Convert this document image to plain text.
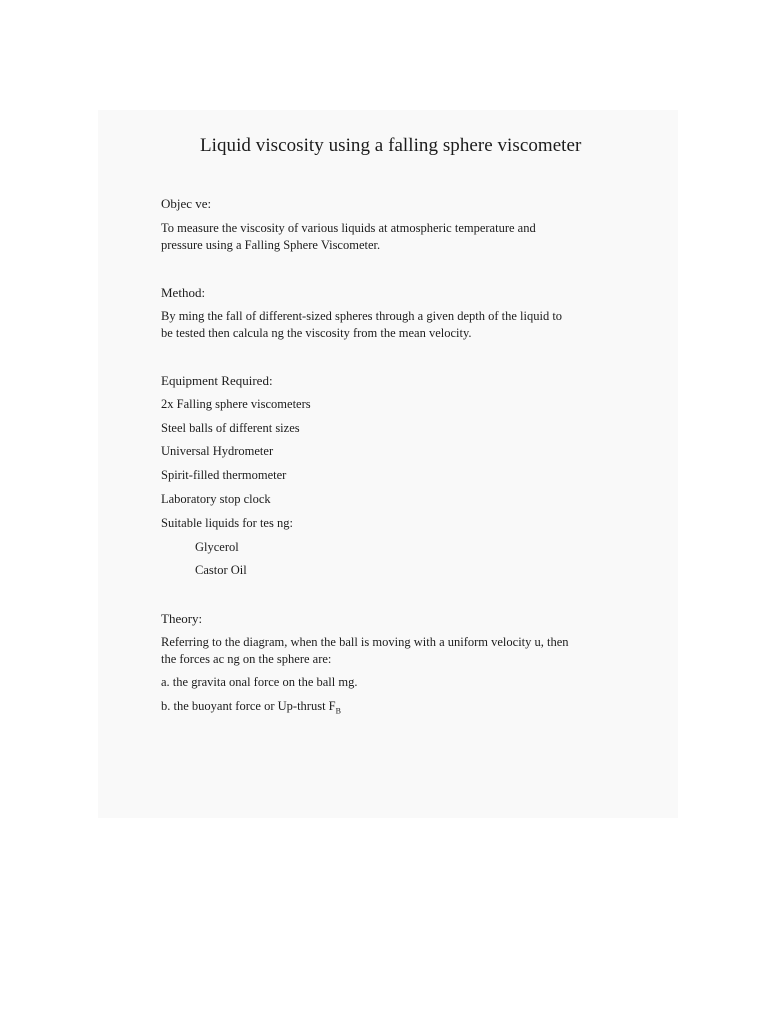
Liquid viscosity using a falling sphere viscometer

Objec ve:

To measure the viscosity of various liquids at atmospheric temperature and

pressure using a Falling Sphere Viscometer.

Method:

By ming the fall of different-sized spheres through a given depth of the liquid to

be tested then calcula ng the viscosity from the mean velocity.

Equipment Required:

2x Falling sphere viscometers

Steel balls of different sizes

Universal Hydrometer

Spirit-filled thermometer

Laboratory stop clock

Suitable liquids for tes ng:

Glycerol

Castor Oil

Theory:

Referring to the diagram, when the ball is moving with a uniform velocity u, then

the forces ac ng on the sphere are:

a. the gravita onal force on the ball mg.

b. the buoyant force or Up-thrust $F_B$
